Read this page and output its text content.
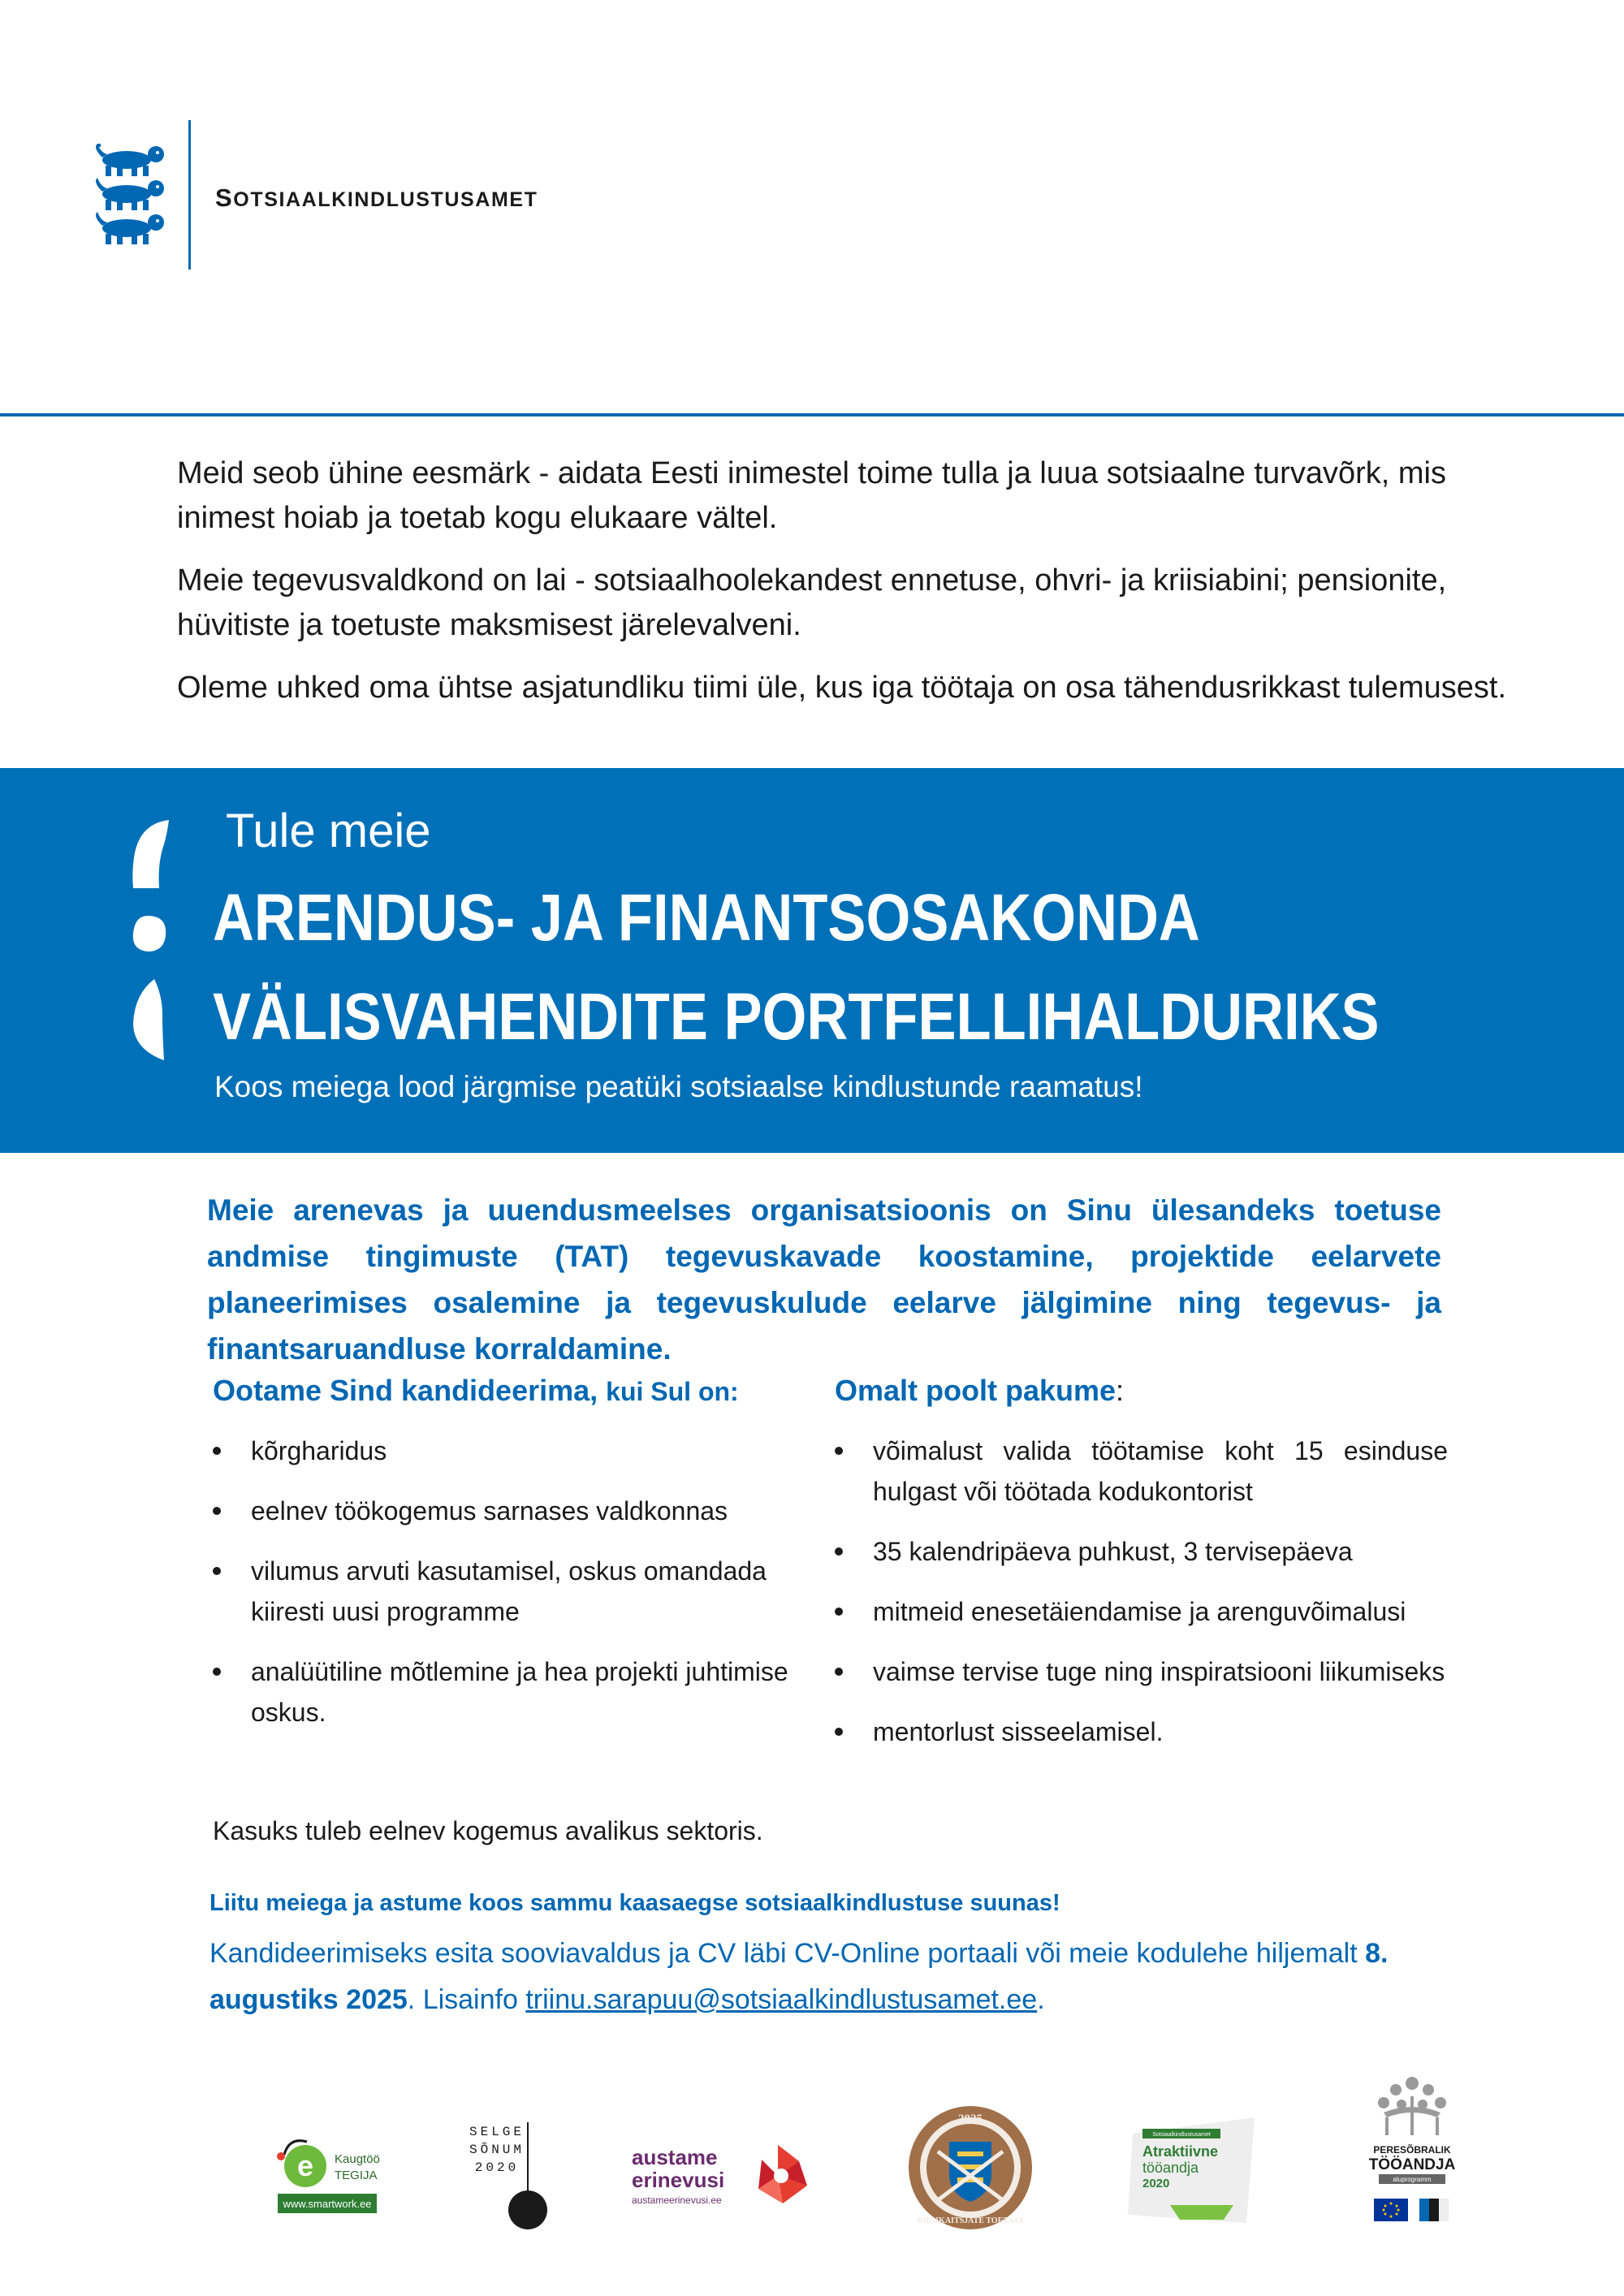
SOTSIAALKINDLUSTUSAMET

Meid seob ühine eesmärk - aidata Eesti inimestel toime tulla ja luua sotsiaalne turvavõrk, mis inimest hoiab ja toetab kogu elukaare vältel.

Meie tegevusvaldkond on lai - sotsiaalhoolekandest ennetuse, ohvri- ja kriisiabini; pensionite, hüvitiste ja toetuste maksmisest järelevalveni.

Oleme uhked oma ühtse asjatundliku tiimi üle, kus iga töötaja on osa tähendusrikkast tulemusest.

Tule meie
ARENDUS- JA FINANTSOSAKONDA
VÄLISVAHENDITE PORTFELLIHALDURIKS
Koos meiega lood järgmise peatüki sotsiaalse kindlustunde raamatus!
Meie arenevas ja uuendusmeelses organisatsioonis on Sinu ülesandeks toetuse andmise tingimuste (TAT) tegevuskavade koostamine, projektide eelarvete planeerimises osalemine ja tegevuskulude eelarve jälgimine ning tegevus- ja finantsaruandluse korraldamine.
Ootame Sind kandideerima, kui Sul on:
kõrgharidus
eelnev töökogemus sarnases valdkonnas
vilumus arvuti kasutamisel, oskus omandada kiiresti uusi programme
analüütiline mõtlemine ja hea projekti juhtimise oskus.
Kasuks tuleb eelnev kogemus avalikus sektoris.
Omalt poolt pakume:
võimalust valida töötamise koht 15 esinduse hulgast või töötada kodukontorist
35 kalendripäeva puhkust, 3 tervisepäeva
mitmeid enesetäiendamise ja arenguvõimalusi
vaimse tervise tuge ning inspiratsiooni liikumiseks
mentorlust sisseelamisel.
Liitu meiega ja astume koos sammu kaasaegse sotsiaalkindlustuse suunas!
Kandideerimiseks esita sooviavaldus ja CV läbi CV-Online portaali või meie kodulehe hiljemalt 8. augustiks 2025. Lisainfo triinu.sarapuu@sotsiaalkindlustusamet.ee.
e Kaugtöö
TEGIJA
www.smartwork.ee
SELGE
SÕNUM
2020	austame
erinevusi
austameerinevusi.ee
2025
RIIGIKAITSJATE TOETAJA
Sotsiaalkindlustusamet
Atraktiivne
tööandja
2020
PERESÕBRALIK
TÖÖANDJA
aluprogramm
